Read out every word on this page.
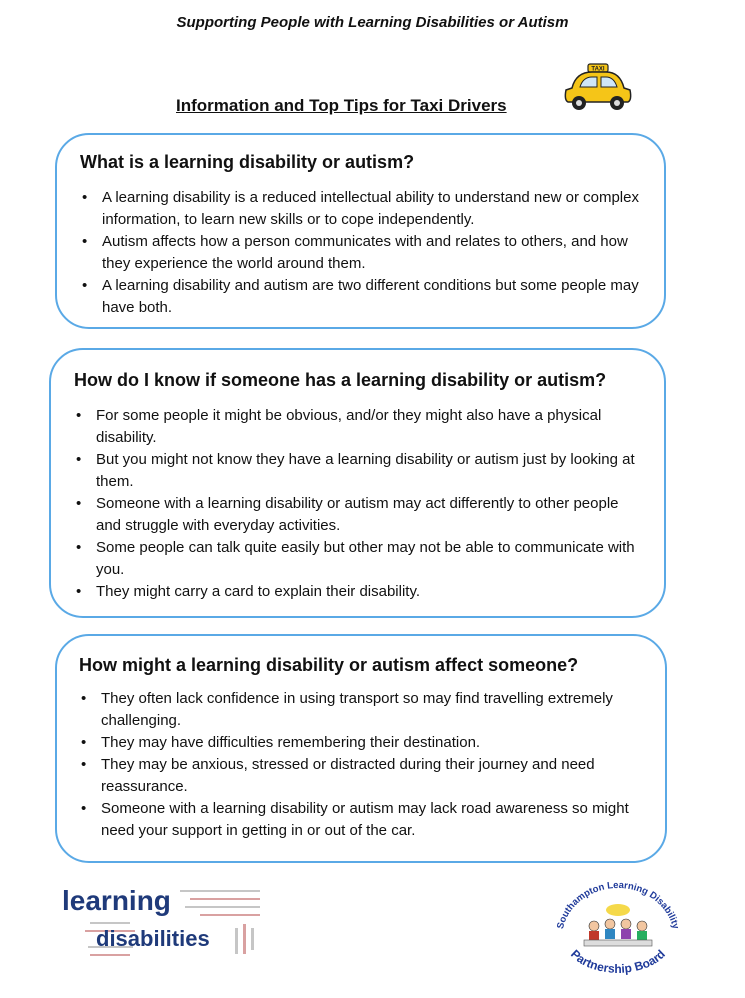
Supporting People with Learning Disabilities or Autism
Information and Top Tips for Taxi Drivers
TAXI
What is a learning disability or autism?
• A learning disability is a reduced intellectual ability to understand new or complex information, to learn new skills or to cope independently.
• Autism affects how a person communicates with and relates to others, and how they experience the world around them.
• A learning disability and autism are two different conditions but some people may have both.
How do I know if someone has a learning disability or autism?
• For some people it might be obvious, and/or they might also have a physical disability.
• But you might not know they have a learning disability or autism just by looking at them.
• Someone with a learning disability or autism may act differently to other people and struggle with everyday activities.
• Some people can talk quite easily but other may not be able to communicate with you.
• They might carry a card to explain their disability.
How might a learning disability or autism affect someone?
• They often lack confidence in using transport so may find travelling extremely challenging.
• They may have difficulties remembering their destination.
• They may be anxious, stressed or distracted during their journey and need reassurance.
• Someone with a learning disability or autism may lack road awareness so might need your support in getting in or out of the car.
learning
disabilities
Southampton Learning Disability
Partnership Board
